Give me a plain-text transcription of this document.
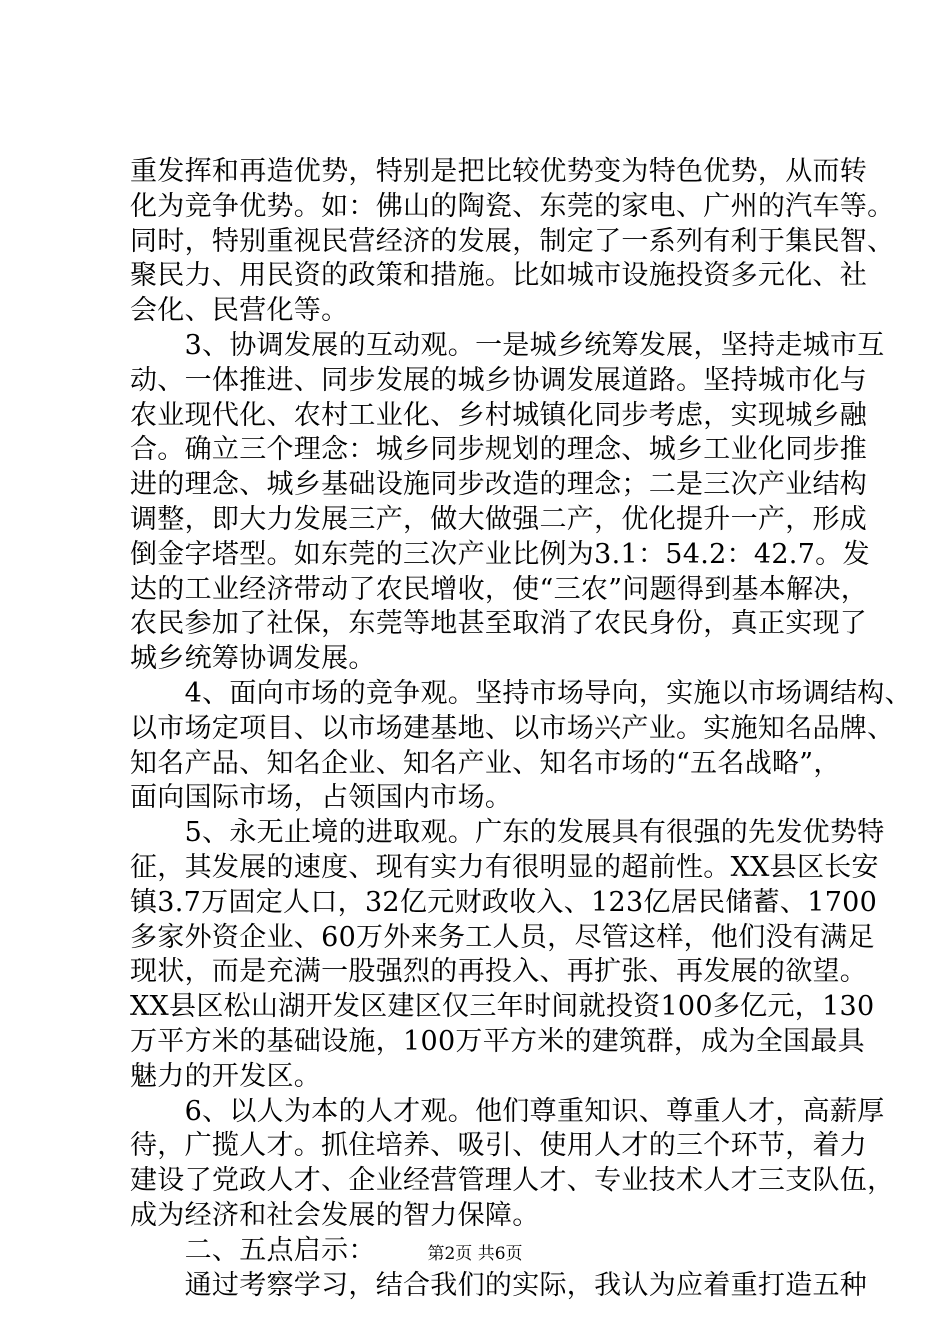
重发挥和再造优势，特别是把比较优势变为特色优势，从而转
化为竞争优势。如：佛山的陶瓷、东莞的家电、广州的汽车等。
同时，特别重视民营经济的发展，制定了一系列有利于集民智、
聚民力、用民资的政策和措施。比如城市设施投资多元化、社
会化、民营化等。
　　3、协调发展的互动观。一是城乡统筹发展，坚持走城市互
动、一体推进、同步发展的城乡协调发展道路。坚持城市化与
农业现代化、农村工业化、乡村城镇化同步考虑，实现城乡融
合。确立三个理念：城乡同步规划的理念、城乡工业化同步推
进的理念、城乡基础设施同步改造的理念；二是三次产业结构
调整，即大力发展三产，做大做强二产，优化提升一产，形成
倒金字塔型。如东莞的三次产业比例为3.1：54.2：42.7。发
达的工业经济带动了农民增收，使“三农”问题得到基本解决，
农民参加了社保，东莞等地甚至取消了农民身份，真正实现了
城乡统筹协调发展。
　　4、面向市场的竞争观。坚持市场导向，实施以市场调结构、
以市场定项目、以市场建基地、以市场兴产业。实施知名品牌、
知名产品、知名企业、知名产业、知名市场的“五名战略”，
面向国际市场，占领国内市场。
　　5、永无止境的进取观。广东的发展具有很强的先发优势特
征，其发展的速度、现有实力有很明显的超前性。XX县区长安
镇3.7万固定人口，32亿元财政收入、123亿居民储蓄、1700
多家外资企业、60万外来务工人员，尽管这样，他们没有满足
现状，而是充满一股强烈的再投入、再扩张、再发展的欲望。
XX县区松山湖开发区建区仅三年时间就投资100多亿元，130
万平方米的基础设施，100万平方米的建筑群，成为全国最具
魅力的开发区。
　　6、以人为本的人才观。他们尊重知识、尊重人才，高薪厚
待，广揽人才。抓住培养、吸引、使用人才的三个环节，着力
建设了党政人才、企业经营管理人才、专业技术人才三支队伍，
成为经济和社会发展的智力保障。
　　二、五点启示：
　　通过考察学习，结合我们的实际，我认为应着重打造五种
第2页 共6页
